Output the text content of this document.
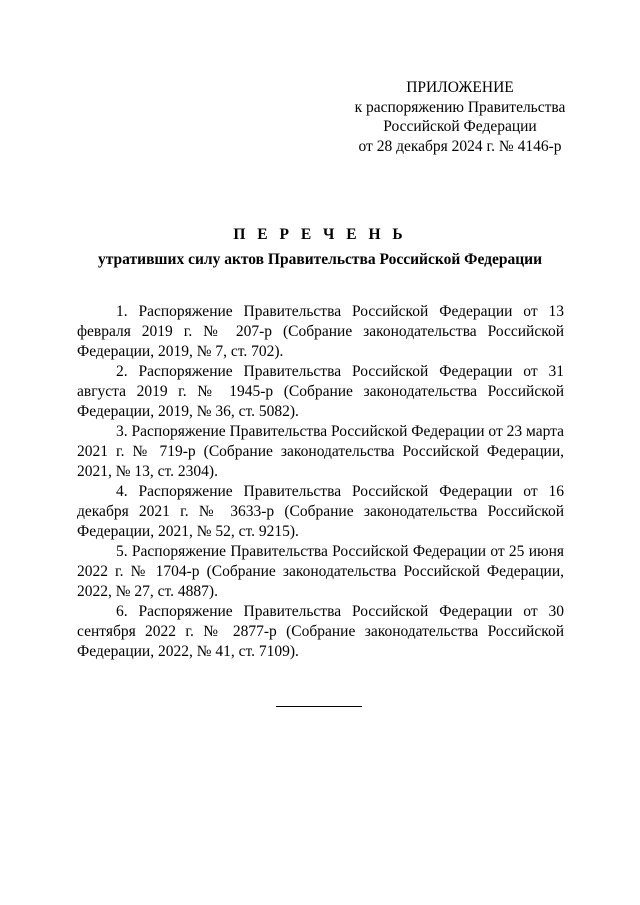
ПРИЛОЖЕНИЕ
к распоряжению Правительства
Российской Федерации
от 28 декабря 2024 г. № 4146-р
П Е Р Е Ч Е Н Ь
утративших силу актов Правительства Российской Федерации

1. Распоряжение Правительства Российской Федерации от 13 февраля 2019 г. № 207-р (Собрание законодательства Российской Федерации, 2019, № 7, ст. 702).

2. Распоряжение Правительства Российской Федерации от 31 августа 2019 г. № 1945-р (Собрание законодательства Российской Федерации, 2019, № 36, ст. 5082).

3. Распоряжение Правительства Российской Федерации от 23 марта 2021 г. № 719-р (Собрание законодательства Российской Федерации, 2021, № 13, ст. 2304).

4. Распоряжение Правительства Российской Федерации от 16 декабря 2021 г. № 3633-р (Собрание законодательства Российской Федерации, 2021, № 52, ст. 9215).

5. Распоряжение Правительства Российской Федерации от 25 июня 2022 г. № 1704-р (Собрание законодательства Российской Федерации, 2022, № 27, ст. 4887).

6. Распоряжение Правительства Российской Федерации от 30 сентября 2022 г. № 2877-р (Собрание законодательства Российской Федерации, 2022, № 41, ст. 7109).
